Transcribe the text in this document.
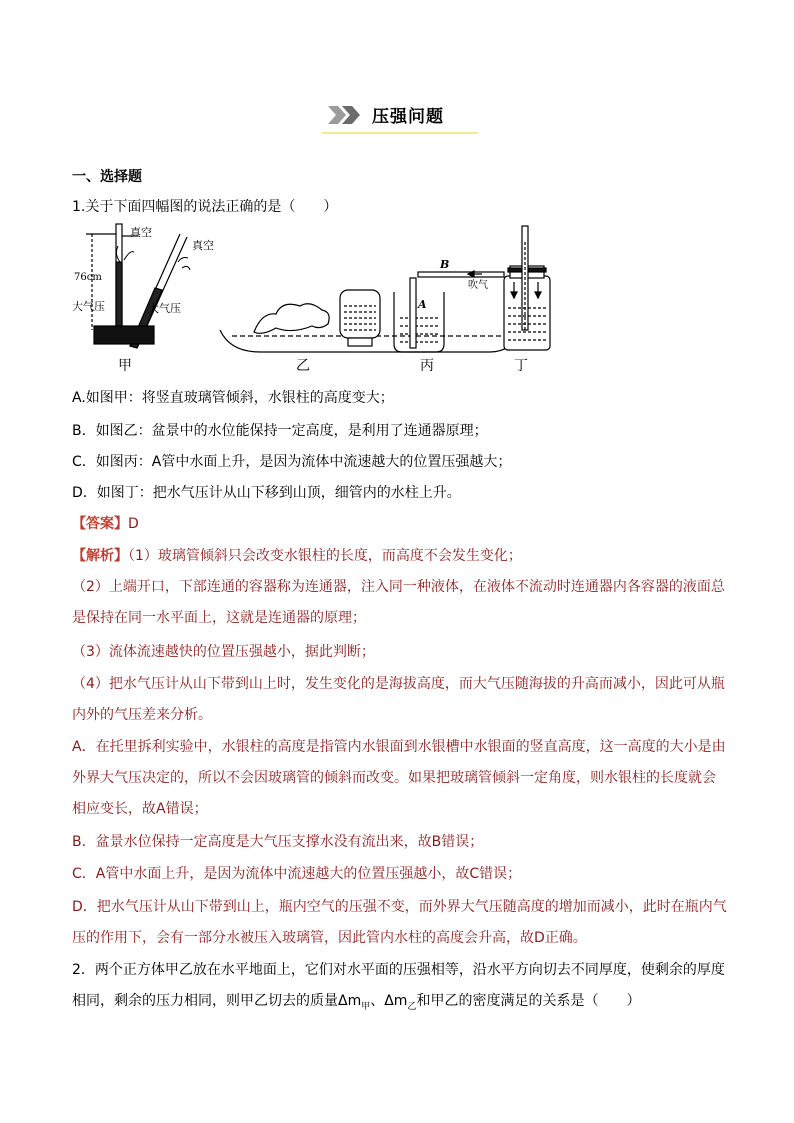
压强问题
一、选择题
1.关于下面四幅图的说法正确的是（　　）
真空
真空
76cm
大气压	大气压
B
A
吹气
甲	乙	丙	丁
A.如图甲：将竖直玻璃管倾斜，水银柱的高度变大；
B．如图乙：盆景中的水位能保持一定高度，是利用了连通器原理；
C．如图丙：A管中水面上升，是因为流体中流速越大的位置压强越大；
D．如图丁：把水气压计从山下移到山顶，细管内的水柱上升。
【答案】D
【解析】（1）玻璃管倾斜只会改变水银柱的长度，而高度不会发生变化；
（2）上端开口，下部连通的容器称为连通器，注入同一种液体，在液体不流动时连通器内各容器的液面总
是保持在同一水平面上，这就是连通器的原理；
（3）流体流速越快的位置压强越小，据此判断；
（4）把水气压计从山下带到山上时，发生变化的是海拔高度，而大气压随海拔的升高而减小，因此可从瓶
内外的气压差来分析。
A．在托里拆利实验中，水银柱的高度是指管内水银面到水银槽中水银面的竖直高度，这一高度的大小是由
外界大气压决定的，所以不会因玻璃管的倾斜而改变。如果把玻璃管倾斜一定角度，则水银柱的长度就会
相应变长，故A错误；
B．盆景水位保持一定高度是大气压支撑水没有流出来，故B错误；
C．A管中水面上升，是因为流体中流速越大的位置压强越小，故C错误；
D．把水气压计从山下带到山上，瓶内空气的压强不变，而外界大气压随高度的增加而减小，此时在瓶内气
压的作用下，会有一部分水被压入玻璃管，因此管内水柱的高度会升高，故D正确。
2．两个正方体甲乙放在水平地面上，它们对水平面的压强相等，沿水平方向切去不同厚度，使剩余的厚度
相同，剩余的压力相同，则甲乙切去的质量$\Delta m_甲$、$\Delta m_乙$和甲乙的密度满足的关系是（　　）
